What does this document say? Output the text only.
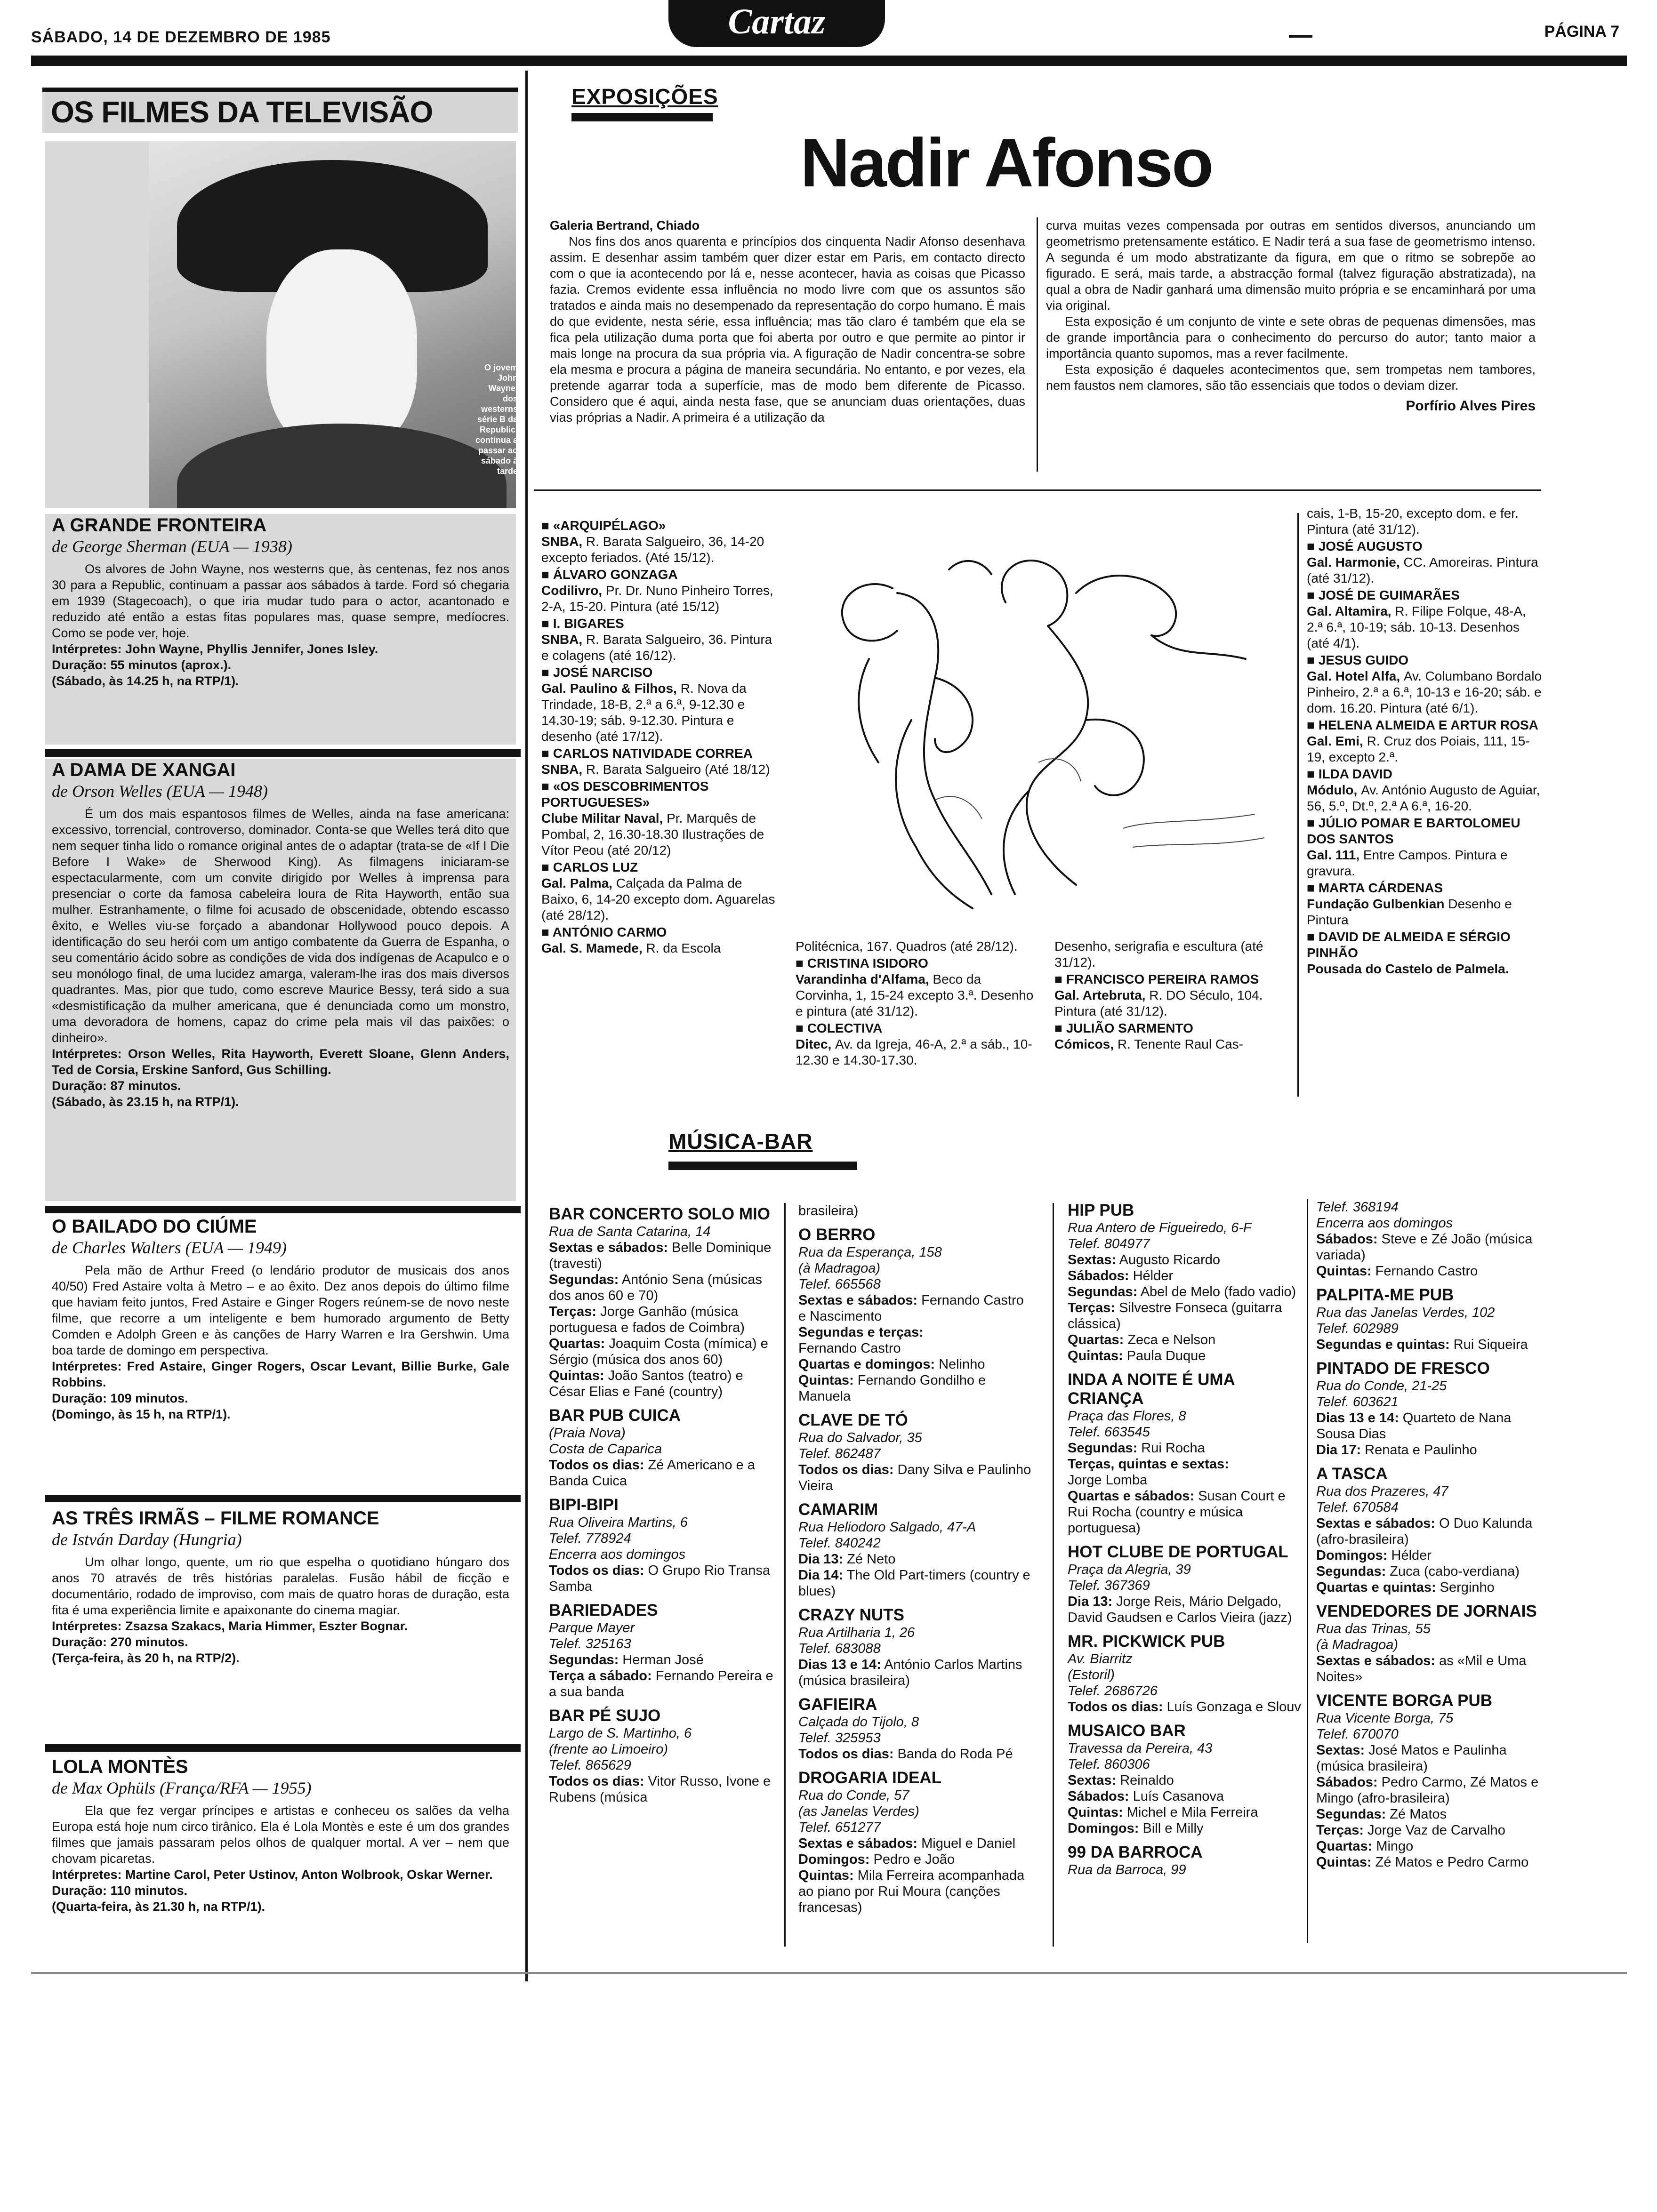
SÁBADO, 14 DE DEZEMBRO DE 1985	Cartaz	PÁGINA 7
OS FILMES DA TELEVISÃO
O jovem John Wayne, dos westerns série B da Republic, continua a passar ao sábado à tarde
A GRANDE FRONTEIRA
de George Sherman (EUA — 1938)
Os alvores de John Wayne, nos westerns que, às centenas, fez nos anos 30 para a Republic, continuam a passar aos sábados à tarde. Ford só chegaria em 1939 (Stagecoach), o que iria mudar tudo para o actor, acantonado e reduzido até então a estas fitas populares mas, quase sempre, medíocres. Como se pode ver, hoje.
Intérpretes: John Wayne, Phyllis Jennifer, Jones Isley.
Duração: 55 minutos (aprox.).
(Sábado, às 14.25 h, na RTP/1).
A DAMA DE XANGAI
de Orson Welles (EUA — 1948)
É um dos mais espantosos filmes de Welles, ainda na fase americana: excessivo, torrencial, controverso, dominador. Conta-se que Welles terá dito que nem sequer tinha lido o romance original antes de o adaptar (trata-se de «If I Die Before I Wake» de Sherwood King). As filmagens iniciaram-se espectacularmente, com um convite dirigido por Welles à imprensa para presenciar o corte da famosa cabeleira loura de Rita Hayworth, então sua mulher. Estranhamente, o filme foi acusado de obscenidade, obtendo escasso êxito, e Welles viu-se forçado a abandonar Hollywood pouco depois. A identificação do seu herói com um antigo combatente da Guerra de Espanha, o seu comentário ácido sobre as condições de vida dos indígenas de Acapulco e o seu monólogo final, de uma lucidez amarga, valeram-lhe iras dos mais diversos quadrantes. Mas, pior que tudo, como escreve Maurice Bessy, terá sido a sua «desmistificação da mulher americana, que é denunciada como um monstro, uma devoradora de homens, capaz do crime pela mais vil das paixões: o dinheiro».
Intérpretes: Orson Welles, Rita Hayworth, Everett Sloane, Glenn Anders, Ted de Corsia, Erskine Sanford, Gus Schilling.
Duração: 87 minutos.
(Sábado, às 23.15 h, na RTP/1).
O BAILADO DO CIÚME
de Charles Walters (EUA — 1949)
Pela mão de Arthur Freed (o lendário produtor de musicais dos anos 40/50) Fred Astaire volta à Metro – e ao êxito. Dez anos depois do último filme que haviam feito juntos, Fred Astaire e Ginger Rogers reúnem-se de novo neste filme, que recorre a um inteligente e bem humorado argumento de Betty Comden e Adolph Green e às canções de Harry Warren e Ira Gershwin. Uma boa tarde de domingo em perspectiva.
Intérpretes: Fred Astaire, Ginger Rogers, Oscar Levant, Billie Burke, Gale Robbins.
Duração: 109 minutos.
(Domingo, às 15 h, na RTP/1).
AS TRÊS IRMÃS – FILME ROMANCE
de István Darday (Hungria)
Um olhar longo, quente, um rio que espelha o quotidiano húngaro dos anos 70 através de três histórias paralelas. Fusão hábil de ficção e documentário, rodado de improviso, com mais de quatro horas de duração, esta fita é uma experiência limite e apaixonante do cinema magiar.
Intérpretes: Zsazsa Szakacs, Maria Himmer, Eszter Bognar.
Duração: 270 minutos.
(Terça-feira, às 20 h, na RTP/2).
LOLA MONTÈS
de Max Ophüls (França/RFA — 1955)
Ela que fez vergar príncipes e artistas e conheceu os salões da velha Europa está hoje num circo tirânico. Ela é Lola Montès e este é um dos grandes filmes que jamais passaram pelos olhos de qualquer mortal. A ver – nem que chovam picaretas.
Intérpretes: Martine Carol, Peter Ustinov, Anton Wolbrook, Oskar Werner.
Duração: 110 minutos.
(Quarta-feira, às 21.30 h, na RTP/1).
EXPOSIÇÕES
Nadir Afonso
Galeria Bertrand, Chiado

Nos fins dos anos quarenta e princípios dos cinquenta Nadir Afonso desenhava assim. E desenhar assim também quer dizer estar em Paris, em contacto directo com o que ia acontecendo por lá e, nesse acontecer, havia as coisas que Picasso fazia. Cremos evidente essa influência no modo livre com que os assuntos são tratados e ainda mais no desempenado da representação do corpo humano. É mais do que evidente, nesta série, essa influência; mas tão claro é também que ela se fica pela utilização duma porta que foi aberta por outro e que permite ao pintor ir mais longe na procura da sua própria via. A figuração de Nadir concentra-se sobre ela mesma e procura a página de maneira secundária. No entanto, e por vezes, ela pretende agarrar toda a superfície, mas de modo bem diferente de Picasso. Considero que é aqui, ainda nesta fase, que se anunciam duas orientações, duas vias próprias a Nadir. A primeira é a utilização da

curva muitas vezes compensada por outras em sentidos diversos, anunciando um geometrismo pretensamente estático. E Nadir terá a sua fase de geometrismo intenso. A segunda é um modo abstratizante da figura, em que o ritmo se sobrepõe ao figurado. E será, mais tarde, a abstracção formal (talvez figuração abstratizada), na qual a obra de Nadir ganhará uma dimensão muito própria e se encaminhará por uma via original.

Esta exposição é um conjunto de vinte e sete obras de pequenas dimensões, mas de grande importância para o conhecimento do percurso do autor; tanto maior a importância quanto supomos, mas a rever facilmente.

Esta exposição é daqueles acontecimentos que, sem trompetas nem tambores, nem faustos nem clamores, são tão essenciais que todos o deviam dizer.

Porfírio Alves Pires
■ «ARQUIPÉLAGO»
SNBA, R. Barata Salgueiro, 36, 14-20 excepto feriados. (Até 15/12).
■ ÁLVARO GONZAGA
Codilivro, Pr. Dr. Nuno Pinheiro Torres, 2-A, 15-20. Pintura (até 15/12)
■ I. BIGARES
SNBA, R. Barata Salgueiro, 36. Pintura e colagens (até 16/12).
■ JOSÉ NARCISO
Gal. Paulino & Filhos, R. Nova da Trindade, 18-B, 2.ª a 6.ª, 9-12.30 e 14.30-19; sáb. 9-12.30. Pintura e desenho (até 17/12).
■ CARLOS NATIVIDADE CORREA
SNBA, R. Barata Salgueiro (Até 18/12)
■ «OS DESCOBRIMENTOS PORTUGUESES»
Clube Militar Naval, Pr. Marquês de Pombal, 2, 16.30-18.30 Ilustrações de Vítor Peou (até 20/12)
■ CARLOS LUZ
Gal. Palma, Calçada da Palma de Baixo, 6, 14-20 excepto dom. Aguarelas (até 28/12).
■ ANTÓNIO CARMO
Gal. S. Mamede, R. da Escola	Politécnica, 167. Quadros (até 28/12).
■ CRISTINA ISIDORO
Varandinha d'Alfama, Beco da Corvinha, 1, 15-24 excepto 3.ª. Desenho e pintura (até 31/12).
■ COLECTIVA
Ditec, Av. da Igreja, 46-A, 2.ª a sáb., 10-12.30 e 14.30-17.30.
Desenho, serigrafia e escultura (até 31/12).
■ FRANCISCO PEREIRA RAMOS
Gal. Artebruta, R. DO Século, 104. Pintura (até 31/12).
■ JULIÃO SARMENTO
Cómicos, R. Tenente Raul Cas-
cais, 1-B, 15-20, excepto dom. e fer. Pintura (até 31/12).
■ JOSÉ AUGUSTO
Gal. Harmonie, CC. Amoreiras. Pintura (até 31/12).
■ JOSÉ DE GUIMARÃES
Gal. Altamira, R. Filipe Folque, 48-A, 2.ª 6.ª, 10-19; sáb. 10-13. Desenhos (até 4/1).
■ JESUS GUIDO
Gal. Hotel Alfa, Av. Columbano Bordalo Pinheiro, 2.ª a 6.ª, 10-13 e 16-20; sáb. e dom. 16.20. Pintura (até 6/1).
■ HELENA ALMEIDA E ARTUR ROSA
Gal. Emi, R. Cruz dos Poiais, 111, 15-19, excepto 2.ª.
■ ILDA DAVID
Módulo, Av. António Augusto de Aguiar, 56, 5.º, Dt.º, 2.ª A 6.ª, 16-20.
■ JÚLIO POMAR E BARTOLOMEU DOS SANTOS
Gal. 111, Entre Campos. Pintura e gravura.
■ MARTA CÁRDENAS
Fundação Gulbenkian Desenho e Pintura
■ DAVID DE ALMEIDA E SÉRGIO PINHÃO
Pousada do Castelo de Palmela.
MÚSICA-BAR
BAR CONCERTO SOLO MIO
Rua de Santa Catarina, 14
Sextas e sábados: Belle Dominique (travesti)
Segundas: António Sena (músicas dos anos 60 e 70)
Terças: Jorge Ganhão (música portuguesa e fados de Coimbra)
Quartas: Joaquim Costa (mímica) e Sérgio (música dos anos 60)
Quintas: João Santos (teatro) e César Elias e Fané (country)
BAR PUB CUICA
(Praia Nova)
Costa de Caparica
Todos os dias: Zé Americano e a Banda Cuica
BIPI-BIPI
Rua Oliveira Martins, 6
Telef. 778924
Encerra aos domingos
Todos os dias: O Grupo Rio Transa Samba
BARIEDADES
Parque Mayer
Telef. 325163
Segundas: Herman José
Terça a sábado: Fernando Pereira e a sua banda
BAR PÉ SUJO
Largo de S. Martinho, 6
(frente ao Limoeiro)
Telef. 865629
Todos os dias: Vitor Russo, Ivone e Rubens (música
brasileira)
O BERRO
Rua da Esperança, 158
(à Madragoa)
Telef. 665568
Sextas e sábados: Fernando Castro e Nascimento
Segundas e terças:
Fernando Castro
Quartas e domingos: Nelinho
Quintas: Fernando Gondilho e Manuela
CLAVE DE TÓ
Rua do Salvador, 35
Telef. 862487
Todos os dias: Dany Silva e Paulinho Vieira
CAMARIM
Rua Heliodoro Salgado, 47-A
Telef. 840242
Dia 13: Zé Neto
Dia 14: The Old Part-timers (country e blues)
CRAZY NUTS
Rua Artilharia 1, 26
Telef. 683088
Dias 13 e 14: António Carlos Martins (música brasileira)
GAFIEIRA
Calçada do Tijolo, 8
Telef. 325953
Todos os dias: Banda do Roda Pé
DROGARIA IDEAL
Rua do Conde, 57
(as Janelas Verdes)
Telef. 651277
Sextas e sábados: Miguel e Daniel
Domingos: Pedro e João
Quintas: Mila Ferreira acompanhada ao piano por Rui Moura (canções francesas)
HIP PUB
Rua Antero de Figueiredo, 6-F
Telef. 804977
Sextas: Augusto Ricardo
Sábados: Hélder
Segundas: Abel de Melo (fado vadio)
Terças: Silvestre Fonseca (guitarra clássica)
Quartas: Zeca e Nelson
Quintas: Paula Duque
INDA A NOITE É UMA CRIANÇA
Praça das Flores, 8
Telef. 663545
Segundas: Rui Rocha
Terças, quintas e sextas:
Jorge Lomba
Quartas e sábados: Susan Court e Rui Rocha (country e música portuguesa)
HOT CLUBE DE PORTUGAL
Praça da Alegria, 39
Telef. 367369
Dia 13: Jorge Reis, Mário Delgado, David Gaudsen e Carlos Vieira (jazz)
MR. PICKWICK PUB
Av. Biarritz
(Estoril)
Telef. 2686726
Todos os dias: Luís Gonzaga e Slouv
MUSAICO BAR
Travessa da Pereira, 43
Telef. 860306
Sextas: Reinaldo
Sábados: Luís Casanova
Quintas: Michel e Mila Ferreira
Domingos: Bill e Milly
99 DA BARROCA
Rua da Barroca, 99
Telef. 368194
Encerra aos domingos
Sábados: Steve e Zé João (música variada)
Quintas: Fernando Castro
PALPITA-ME PUB
Rua das Janelas Verdes, 102
Telef. 602989
Segundas e quintas: Rui Siqueira
PINTADO DE FRESCO
Rua do Conde, 21-25
Telef. 603621
Dias 13 e 14: Quarteto de Nana Sousa Dias
Dia 17: Renata e Paulinho
A TASCA
Rua dos Prazeres, 47
Telef. 670584
Sextas e sábados: O Duo Kalunda (afro-brasileira)
Domingos: Hélder
Segundas: Zuca (cabo-verdiana)
Quartas e quintas: Serginho
VENDEDORES DE JORNAIS
Rua das Trinas, 55
(à Madragoa)
Sextas e sábados: as «Mil e Uma Noites»
VICENTE BORGA PUB
Rua Vicente Borga, 75
Telef. 670070
Sextas: José Matos e Paulinha (música brasileira)
Sábados: Pedro Carmo, Zé Matos e Mingo (afro-brasileira)
Segundas: Zé Matos
Terças: Jorge Vaz de Carvalho
Quartas: Mingo
Quintas: Zé Matos e Pedro Carmo
